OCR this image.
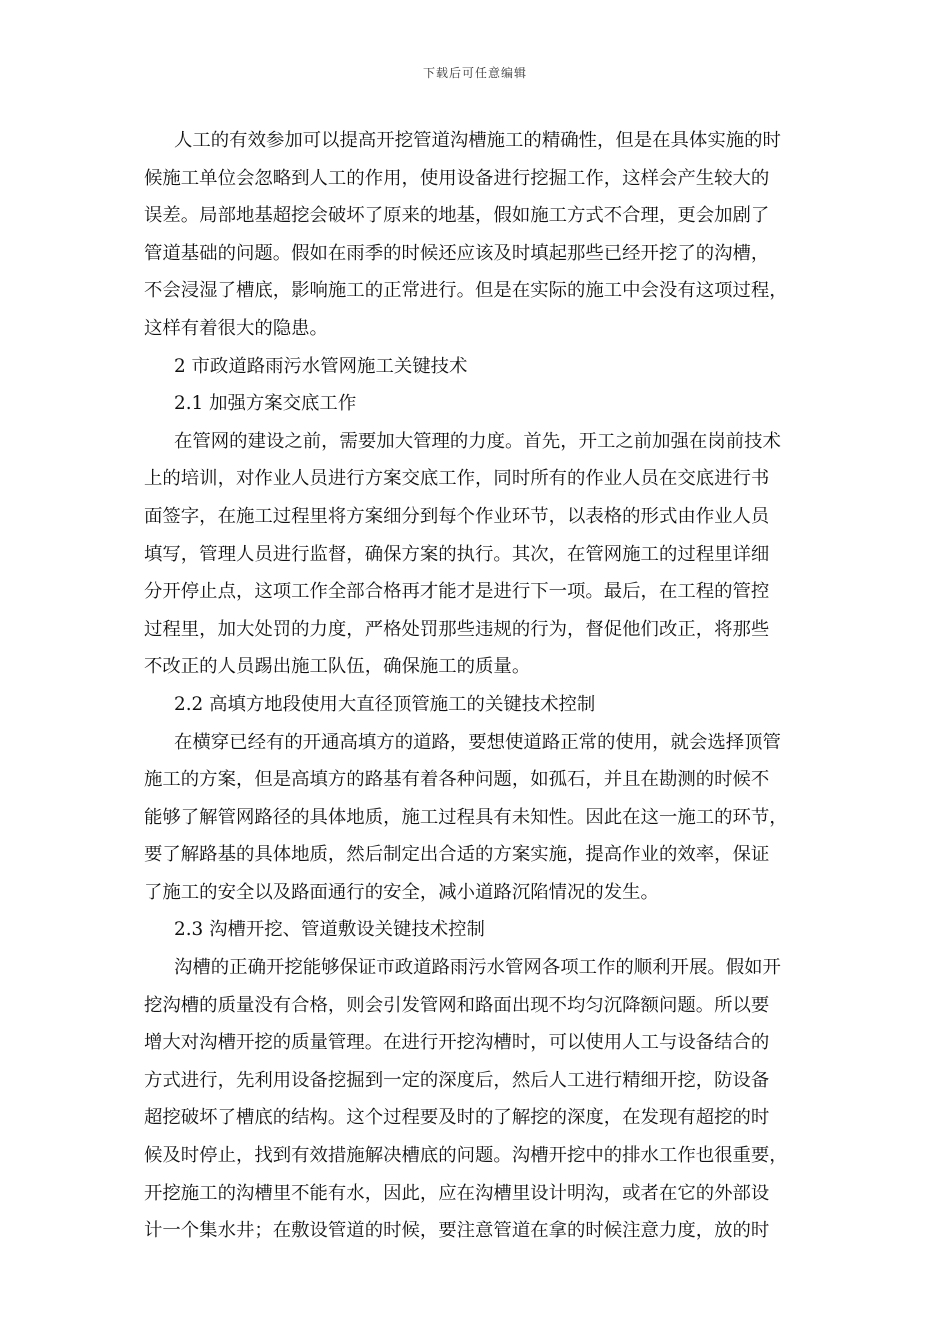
下载后可任意编辑
人工的有效参加可以提高开挖管道沟槽施工的精确性，但是在具体实施的时
候施工单位会忽略到人工的作用，使用设备进行挖掘工作，这样会产生较大的
误差。局部地基超挖会破坏了原来的地基，假如施工方式不合理，更会加剧了
管道基础的问题。假如在雨季的时候还应该及时填起那些已经开挖了的沟槽，
不会浸湿了槽底，影响施工的正常进行。但是在实际的施工中会没有这项过程，
这样有着很大的隐患。
2 市政道路雨污水管网施工关键技术
2.1 加强方案交底工作
在管网的建设之前，需要加大管理的力度。首先，开工之前加强在岗前技术
上的培训，对作业人员进行方案交底工作，同时所有的作业人员在交底进行书
面签字，在施工过程里将方案细分到每个作业环节，以表格的形式由作业人员
填写，管理人员进行监督，确保方案的执行。其次，在管网施工的过程里详细
分开停止点，这项工作全部合格再才能才是进行下一项。最后，在工程的管控
过程里，加大处罚的力度，严格处罚那些违规的行为，督促他们改正，将那些
不改正的人员踢出施工队伍，确保施工的质量。
2.2 高填方地段使用大直径顶管施工的关键技术控制
在横穿已经有的开通高填方的道路，要想使道路正常的使用，就会选择顶管
施工的方案，但是高填方的路基有着各种问题，如孤石，并且在勘测的时候不
能够了解管网路径的具体地质，施工过程具有未知性。因此在这一施工的环节，
要了解路基的具体地质，然后制定出合适的方案实施，提高作业的效率，保证
了施工的安全以及路面通行的安全，减小道路沉陷情况的发生。
2.3 沟槽开挖、管道敷设关键技术控制
沟槽的正确开挖能够保证市政道路雨污水管网各项工作的顺利开展。假如开
挖沟槽的质量没有合格，则会引发管网和路面出现不均匀沉降额问题。所以要
增大对沟槽开挖的质量管理。在进行开挖沟槽时，可以使用人工与设备结合的
方式进行，先利用设备挖掘到一定的深度后，然后人工进行精细开挖，防设备
超挖破坏了槽底的结构。这个过程要及时的了解挖的深度，在发现有超挖的时
候及时停止，找到有效措施解决槽底的问题。沟槽开挖中的排水工作也很重要，
开挖施工的沟槽里不能有水，因此，应在沟槽里设计明沟，或者在它的外部设
计一个集水井；在敷设管道的时候，要注意管道在拿的时候注意力度，放的时
